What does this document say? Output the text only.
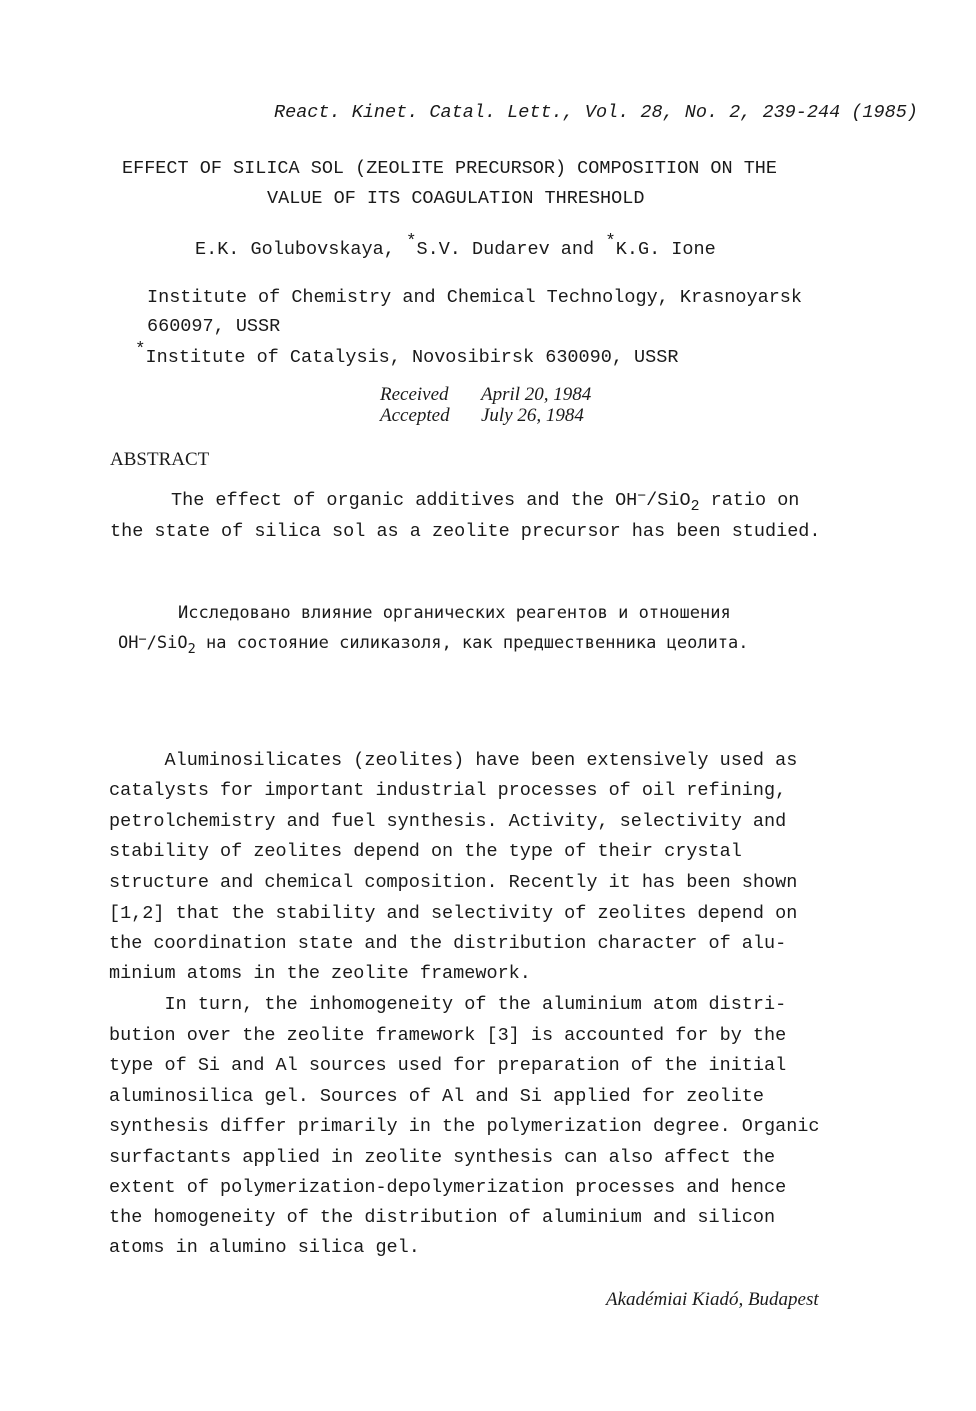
React. Kinet. Catal. Lett., Vol. 28, No. 2, 239-244 (1985)
EFFECT OF SILICA SOL (ZEOLITE PRECURSOR) COMPOSITION ON THE
VALUE OF ITS COAGULATION THRESHOLD
E.K. Golubovskaya, *S.V. Dudarev and *K.G. Ione
Institute of Chemistry and Chemical Technology, Krasnoyarsk
660097, USSR
*Institute of Catalysis, Novosibirsk 630090, USSR
Received April 20, 1984
Accepted July 26, 1984
ABSTRACT
The effect of organic additives and the OH−/SiO$_2$ ratio on
the state of silica sol as a zeolite precursor has been studied.
Исследовано влияние органических реагентов и отношения
OH−/SiO$_2$ на состояние силиказоля, как предшественника цеолита.
Aluminosilicates (zeolites) have been extensively used as
catalysts for important industrial processes of oil refining,
petrolchemistry and fuel synthesis. Activity, selectivity and
stability of zeolites depend on the type of their crystal
structure and chemical composition. Recently it has been shown
[1,2] that the stability and selectivity of zeolites depend on
the coordination state and the distribution character of alu-
minium atoms in the zeolite framework.
In turn, the inhomogeneity of the aluminium atom distri-
bution over the zeolite framework [3] is accounted for by the
type of Si and Al sources used for preparation of the initial
aluminosilica gel. Sources of Al and Si applied for zeolite
synthesis differ primarily in the polymerization degree. Organic
surfactants applied in zeolite synthesis can also affect the
extent of polymerization-depolymerization processes and hence
the homogeneity of the distribution of aluminium and silicon
atoms in alumino silica gel.
Akadémiai Kiadó, Budapest
